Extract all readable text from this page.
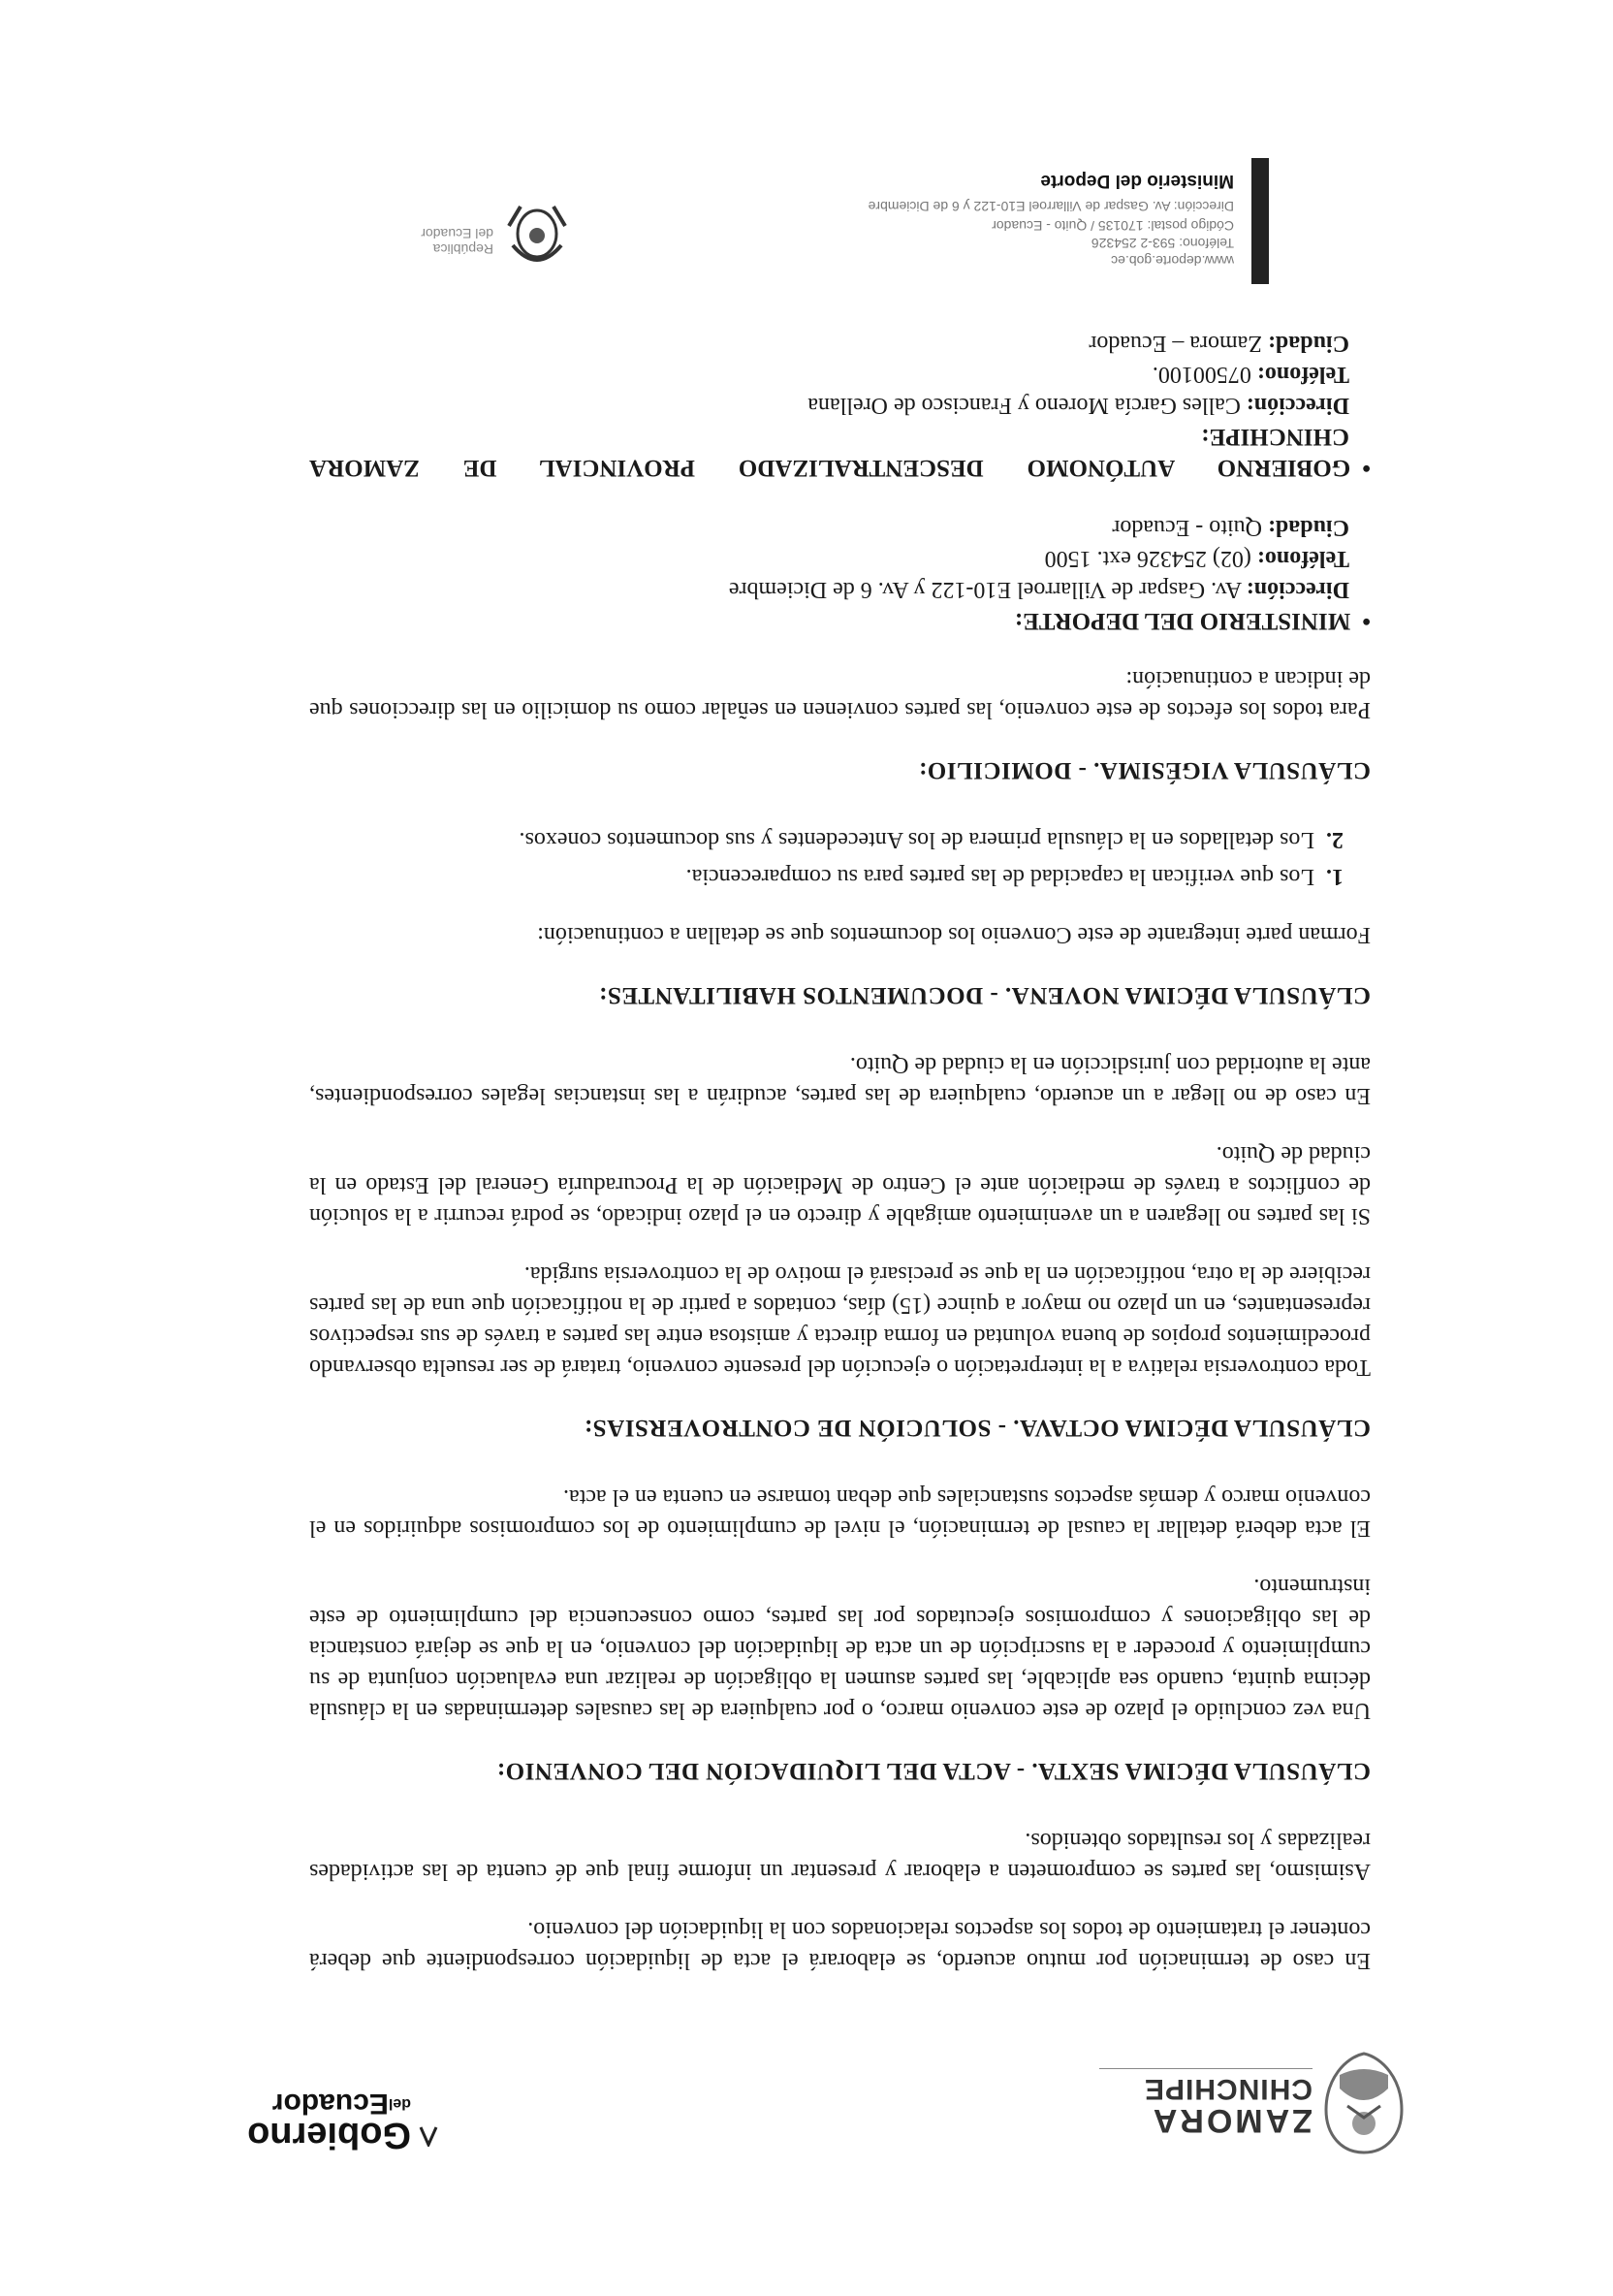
ZAMORA
CHINCHIPE
Gobierno
$^{del}$Ecuador

En caso de terminación por mutuo acuerdo, se elaborará el acta de liquidación correspondiente que deberá contener el tratamiento de todos los aspectos relacionados con la liquidación del convenio.

Asimismo, las partes se comprometen a elaborar y presentar un informe final que dé cuenta de las actividades realizadas y los resultados obtenidos.

CLÁUSULA DÉCIMA SEXTA. - ACTA DEL LIQUIDACIÓN DEL CONVENIO:

Una vez concluido el plazo de este convenio marco, o por cualquiera de las causales determinadas en la cláusula décima quinta, cuando sea aplicable, las partes asumen la obligación de realizar una evaluación conjunta de su cumplimiento y proceder a la suscripción de un acta de liquidación del convenio, en la que se dejará constancia de las obligaciones y compromisos ejecutados por las partes, como consecuencia del cumplimiento de este instrumento.

El acta deberá detallar la causal de terminación, el nivel de cumplimiento de los compromisos adquiridos en el convenio marco y demás aspectos sustanciales que deban tomarse en cuenta en el acta.

CLÁUSULA DÉCIMA OCTAVA. - SOLUCIÓN DE CONTROVERSIAS:

Toda controversia relativa a la interpretación o ejecución del presente convenio, tratará de ser resuelta observando procedimientos propios de buena voluntad en forma directa y amistosa entre las partes a través de sus respectivos representantes, en un plazo no mayor a quince (15) días, contados a partir de la notificación que una de las partes recibiere de la otra, notificación en la que se precisará el motivo de la controversia surgida.

Si las partes no llegaren a un avenimiento amigable y directo en el plazo indicado, se podrá recurrir a la solución de conflictos a través de mediación ante el Centro de Mediación de la Procuraduría General del Estado en la ciudad de Quito.

En caso de no llegar a un acuerdo, cualquiera de las partes, acudirán a las instancias legales correspondientes, ante la autoridad con jurisdicción en la ciudad de Quito.

CLÁUSULA DÉCIMA NOVENA. - DOCUMENTOS HABILITANTES:

Forman parte integrante de este Convenio los documentos que se detallan a continuación:

1. Los que verifican la capacidad de las partes para su comparecencia.
2. Los detallados en la cláusula primera de los Antecedentes y sus documentos conexos.
CLÁUSULA VIGÉSIMA. - DOMICILIO:

Para todos los efectos de este convenio, las partes convienen en señalar como su domicilio en las direcciones que de indican a continuación:

• MINISTERIO DEL DEPORTE:
Dirección: Av. Gaspar de Villarroel E10-122 y Av. 6 de Diciembre
Teléfono: (02) 254326 ext. 1500
Ciudad: Quito - Ecuador
• GOBIERNO AUTÓNOMO DESCENTRALIZADO PROVINCIAL DE ZAMORA
CHINCHIPE:
Dirección: Calles García Moreno y Francisco de Orellana
Teléfono: 07500100.
Ciudad: Zamora – Ecuador
Ministerio del Deporte
Dirección: Av. Gaspar de Villarroel E10-122 y 6 de Diciembre
Código postal: 170135 / Quito - Ecuador
Teléfono: 593-2 254326
www.deporte.gob.ec
República
del Ecuador
